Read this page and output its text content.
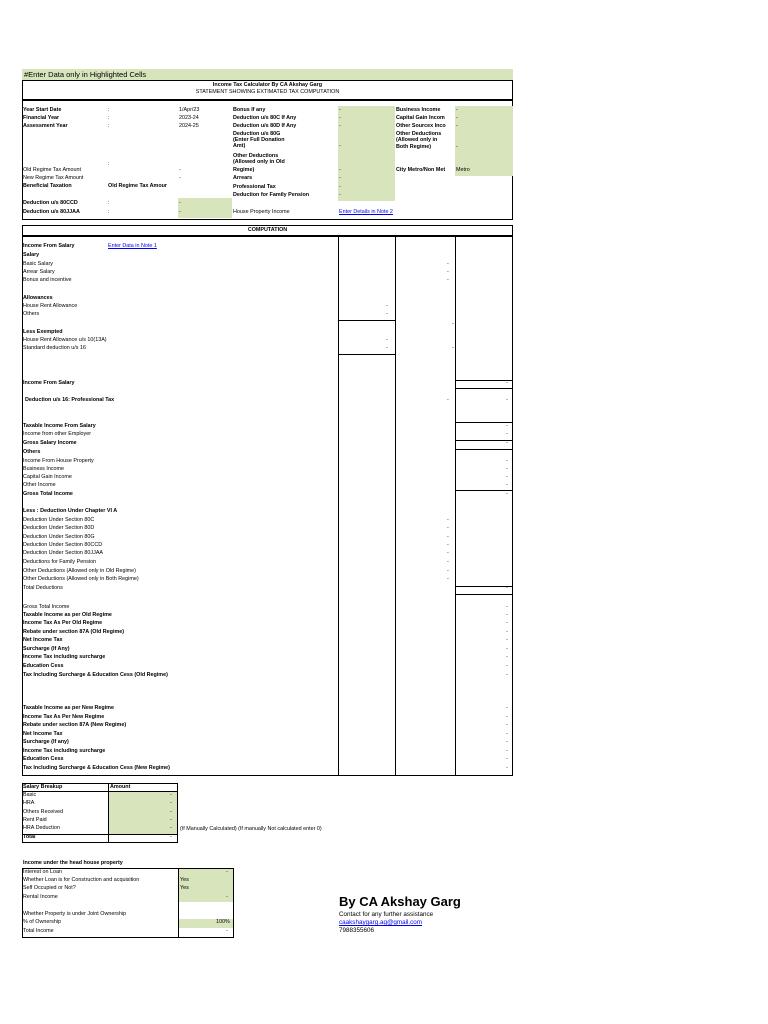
#Enter Data only in Highlighted Cells
Income Tax Calculator By CA Akshay Garg
STATEMENT SHOWING EXTIMATED TAX COMPUTATION
Year Start Date	:	1/Apr/23
Financial Year	:	2023-24
Assessment Year	:	2024-25
:
Old Regime Tax Amount	-
New Regime Tax Amount	-
Beneficial Taxation	Old Regime Tax Amour
Deduction u/s 80CCD	:	-
Deduction u/s 80JJAA	:	-
Bonus If any	-
Deduction u/s 80C If Any	-
Deduction u/s 80D If Any	-
Deduction u/s 80G
(Enter Full Donation
Amt)	-
Other Deductions
(Allowed only in Old
Regime)	-
Arrears	-
Professional Tax	-
Deduction for Family Pension	-
House Property Income	Enter Details in Note 2
Business Income	-
Capital Gain Incom -
Other Sourcex Inco -
Other Deductions
(Allowed only in
Both Regime)	-
City Metro/Non Met Metro
COMPUTATION
Income From Salary	Enter Data in Note 1
Salary
Basic Salary	-
Arrear Salary	-
Bonus and incentive	-
Allowances
House Rent Allowance	-
Others	-
-
Less Exempted
House Rent Allowance u/s 10(13A)	-
Standard deduction u/s 16	-	-
Income From Salary	-
Deduction u/s 16: Professional Tax	-	-
Taxable Income From Salary	-
Income from other Employer	-
Gross Salary Income	-
Others
Income From House Property	-
Business Income	-
Capital Gain Income	-
Other Income	-
Gross Total Income	-
Less : Deduction Under Chapter VI A
Deduction Under Section 80C	-
Deduction Under Section 80D	-
Deduction Under Section 80G	-
Deduction Under Section 80CCD	-
Deduction Under Section 80JJAA	-
Deductions for Family Pension	-
Other Deductions (Allowed only in Old Regime)	-
Other Deductions (Allowed only in Both Regime)	-
Total Deductions	-
Gross Total Income	-
Taxable Income as per Old Regime	-
Income Tax As Per Old Regime	-
Rebate under section 87A (Old Regime)	-
Net Income Tax	-
Surcharge (If Any)	-
Income Tax including surcharge	-
Education Cess	-
Tax Including Surcharge & Education Cess (Old Regime)	-
Taxable Income as per New Regime	-
Income Tax As Per New Regime	-
Rebate under section 87A (New Regime)	-
Net Income Tax	-
Surcharge (If any)	-
Income Tax including surcharge	-
Education Cess	-
Tax Including Surcharge & Education Cess (New Regime)	-
Salary Breakup	Amount
Basic	-
HRA	-
Others Received	-
Rent Paid	-
HRA Deduction	- (If Manually Calculated) (If manually Not calculated enter 0)
Total	-
Income under the head house property
Interest on Loan	-
Whether Loan is for Construction and acquisition	Yes
Self Occupied or Not?	Yes
Rental Income	-
Whether Property is under Joint Ownership
% of Ownership	100%
Total Income	-
By CA Akshay Garg
Contact for any further assistance
caakshaygarg.ag@gmail.com
7988355606
